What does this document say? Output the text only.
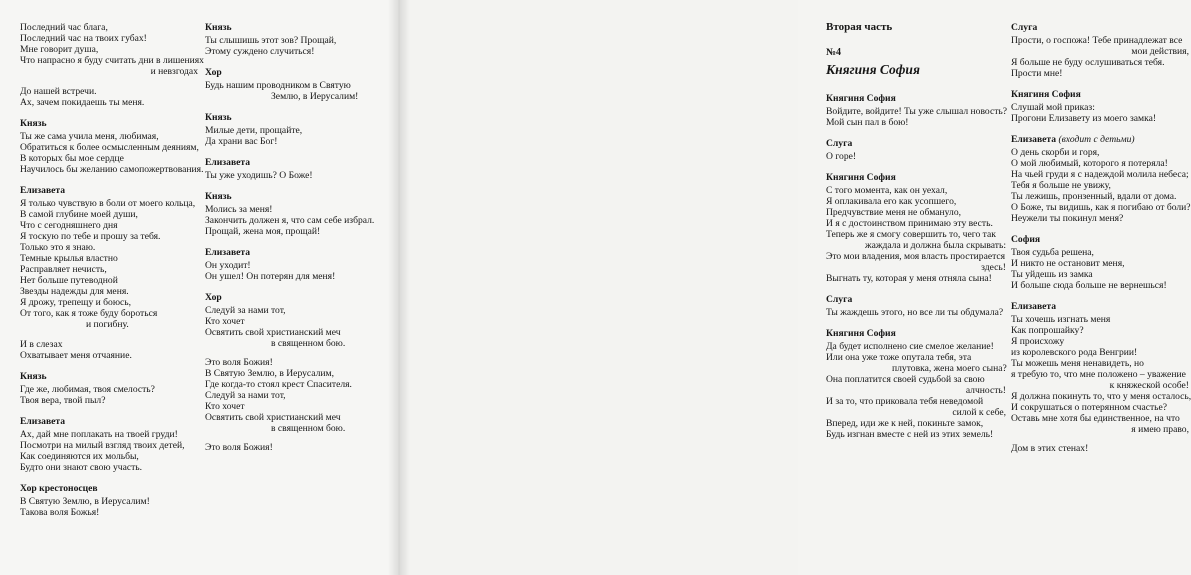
Последний час блага,
Последний час на твоих губах!
Мне говорит душа,
Что напрасно я буду считать дни в лишениях
и невзгодах
До нашей встречи.
Ах, зачем покидаешь ты меня.
Князь
Ты же сама учила меня, любимая,
Обратиться к более осмысленным деяниям,
В которых бы мое сердце
Научилось бы желанию самопожертвования.
Елизавета
Я только чувствую в боли от моего кольца,
В самой глубине моей души,
Что с сегодняшнего дня
Я тоскую по тебе и прошу за тебя.
Только это я знаю.
Темные крылья властно
Расправляет нечисть,
Нет больше путеводной
Звезды надежды для меня.
Я дрожу, трепещу и боюсь,
От того, как я тоже буду бороться
и погибну.
И в слезах
Охватывает меня отчаяние.
Князь
Где же, любимая, твоя смелость?
Твоя вера, твой пыл?
Елизавета
Ах, дай мне поплакать на твоей груди!
Посмотри на милый взгляд твоих детей,
Как соединяются их мольбы,
Будто они знают свою участь.
Хор крестоносцев
В Святую Землю, в Иерусалим!
Такова воля Божья!
Князь
Ты слышишь этот зов? Прощай,
Этому суждено случиться!
Хор
Будь нашим проводником в Святую
Землю, в Иерусалим!
Князь
Милые дети, прощайте,
Да храни вас Бог!
Елизавета
Ты уже уходишь? О Боже!
Князь
Молись за меня!
Закончить должен я, что сам себе избрал.
Прощай, жена моя, прощай!
Елизавета
Он уходит!
Он ушел! Он потерян для меня!
Хор
Следуй за нами тот,
Кто хочет
Освятить свой христианский меч
в священном бою.
Это воля Божия!
В Святую Землю, в Иерусалим,
Где когда-то стоял крест Спасителя.
Следуй за нами тот,
Кто хочет
Освятить свой христианский меч
в священном бою.
Это воля Божия!
Вторая часть
№4
Княгиня София
Княгиня София
Войдите, войдите! Ты уже слышал новость?
Мой сын пал в бою!
Слуга
О горе!
Княгиня София
С того момента, как он уехал,
Я оплакивала его как усопшего,
Предчувствие меня не обмануло,
И я с достоинством принимаю эту весть.
Теперь же я смогу совершить то, чего так
жаждала и должна была скрывать:
Это мои владения, моя власть простирается
здесь!
Выгнать ту, которая у меня отняла сына!
Слуга
Ты жаждешь этого, но все ли ты обдумала?
Княгиня София
Да будет исполнено сие смелое желание!
Или она уже тоже опутала тебя, эта
плутовка, жена моего сына?
Она поплатится своей судьбой за свою
алчность!
И за то, что приковала тебя неведомой
силой к себе,
Вперед, иди же к ней, покиньте замок,
Будь изгнан вместе с ней из этих земель!
Слуга
Прости, о госпожа! Тебе принадлежат все
мои действия,
Я больше не буду ослушиваться тебя.
Прости мне!
Княгиня София
Слушай мой приказ:
Прогони Елизавету из моего замка!
Елизавета (входит с детьми)
О день скорби и горя,
О мой любимый, которого я потеряла!
На чьей груди я с надеждой молила небеса;
Тебя я больше не увижу,
Ты лежишь, пронзенный, вдали от дома.
О Боже, ты видишь, как я погибаю от боли?
Неужели ты покинул меня?
София
Твоя судьба решена,
И никто не остановит меня,
Ты уйдешь из замка
И больше сюда больше не вернешься!
Елизавета
Ты хочешь изгнать меня
Как попрошайку?
Я происхожу
из королевского рода Венгрии!
Ты можешь меня ненавидеть, но
я требую то, что мне положено – уважение
к княжеской особе!
Я должна покинуть то, что у меня осталось,
И сокрушаться о потерянном счастье?
Оставь мне хотя бы единственное, на что
я имею право,
Дом в этих стенах!
